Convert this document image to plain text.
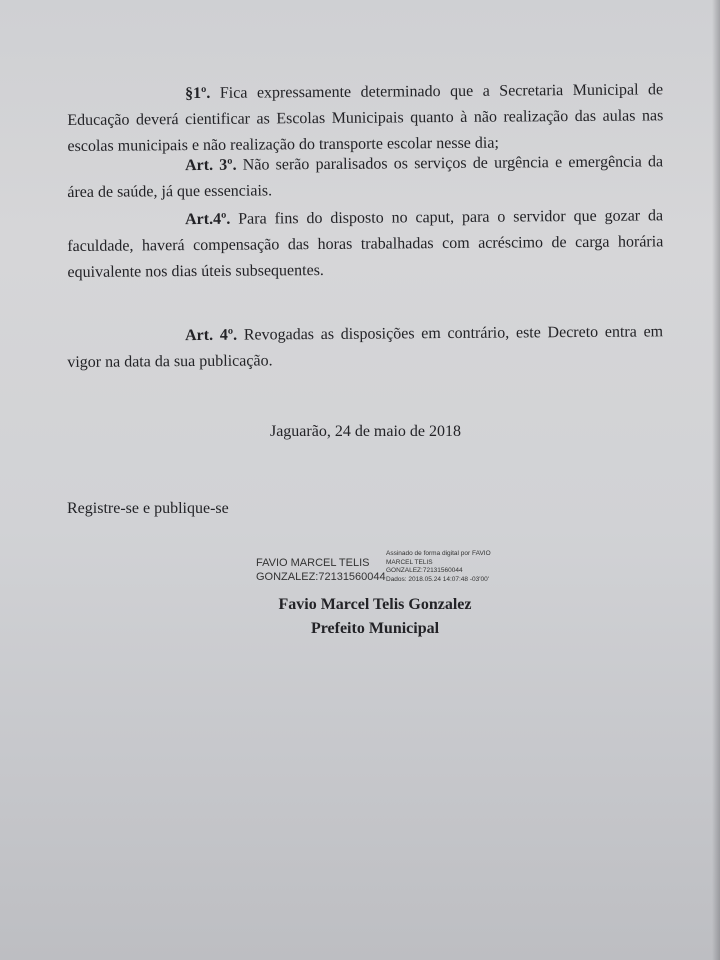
§1º. Fica expressamente determinado que a Secretaria Municipal de Educação deverá cientificar as Escolas Municipais quanto à não realização das aulas nas escolas municipais e não realização do transporte escolar nesse dia;
Art. 3º. Não serão paralisados os serviços de urgência e emergência da área de saúde, já que essenciais.
Art.4º. Para fins do disposto no caput, para o servidor que gozar da faculdade, haverá compensação das horas trabalhadas com acréscimo de carga horária equivalente nos dias úteis subsequentes.
Art. 4º. Revogadas as disposições em contrário, este Decreto entra em vigor na data da sua publicação.
Jaguarão, 24 de maio de 2018
Registre-se e publique-se
FAVIO MARCEL TELIS
GONZALEZ:72131560044
Assinado de forma digital por FAVIO
MARCEL TELIS
GONZALEZ:72131560044
Dados: 2018.05.24 14:07:48 -03'00'
Favio Marcel Telis Gonzalez
Prefeito Municipal
